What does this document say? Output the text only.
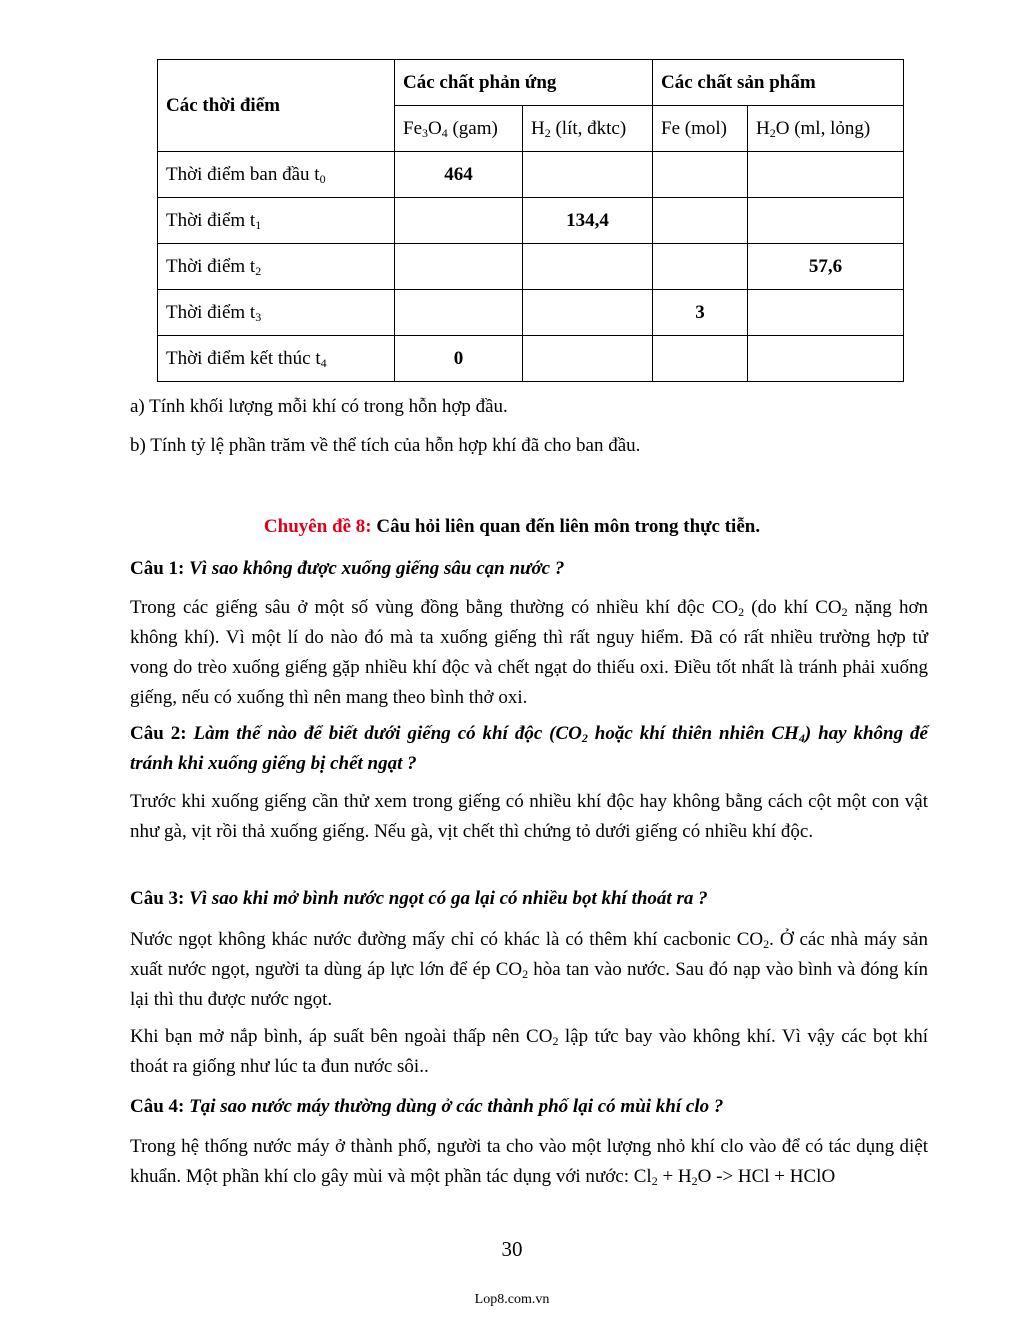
Các thời điểm	Các chất phản ứng		Các chất sản phẩm	
	$Fe_3O_4$ (gam)	$H_2$ (lít, đktc)	Fe (mol)	$H_2O$ (ml, lỏng)
Thời điểm ban đầu $t_0$	464			
Thời điểm $t_1$		134,4		
Thời điểm $t_2$				57,6
Thời điểm $t_3$			3	
Thời điểm kết thúc $t_4$	0			
a) Tính khối lượng mỗi khí có trong hỗn hợp đầu.
b) Tính tỷ lệ phần trăm về thể tích của hỗn hợp khí đã cho ban đầu.
Chuyên đề 8: Câu hỏi liên quan đến liên môn trong thực tiễn.
Câu 1: Vì sao không được xuống giếng sâu cạn nước ?

Trong các giếng sâu ở một số vùng đồng bằng thường có nhiều khí độc $CO_2$ (do khí $CO_2$ nặng hơn không khí). Vì một lí do nào đó mà ta xuống giếng thì rất nguy hiểm. Đã có rất nhiều trường hợp tử vong do trèo xuống giếng gặp nhiều khí độc và chết ngạt do thiếu oxi. Điều tốt nhất là tránh phải xuống giếng, nếu có xuống thì nên mang theo bình thở oxi.

Câu 2: Làm thế nào để biết dưới giếng có khí độc ($CO_2$ hoặc khí thiên nhiên $CH_4$) hay không để tránh khi xuống giếng bị chết ngạt ?

Trước khi xuống giếng cần thử xem trong giếng có nhiều khí độc hay không bằng cách cột một con vật như gà, vịt rồi thả xuống giếng. Nếu gà, vịt chết thì chứng tỏ dưới giếng có nhiều khí độc.

Câu 3: Vì sao khi mở bình nước ngọt có ga lại có nhiều bọt khí thoát ra ?

Nước ngọt không khác nước đường mấy chỉ có khác là có thêm khí cacbonic $CO_2$. Ở các nhà máy sản xuất nước ngọt, người ta dùng áp lực lớn để ép $CO_2$ hòa tan vào nước. Sau đó nạp vào bình và đóng kín lại thì thu được nước ngọt.

Khi bạn mở nắp bình, áp suất bên ngoài thấp nên $CO_2$ lập tức bay vào không khí. Vì vậy các bọt khí thoát ra giống như lúc ta đun nước sôi..

Câu 4: Tại sao nước máy thường dùng ở các thành phố lại có mùi khí clo ?

Trong hệ thống nước máy ở thành phố, người ta cho vào một lượng nhỏ khí clo vào để có tác dụng diệt khuẩn. Một phần khí clo gây mùi và một phần tác dụng với nước: $Cl_2 + H_2O$ -> HCl + HClO

30
Lop8.com.vn
